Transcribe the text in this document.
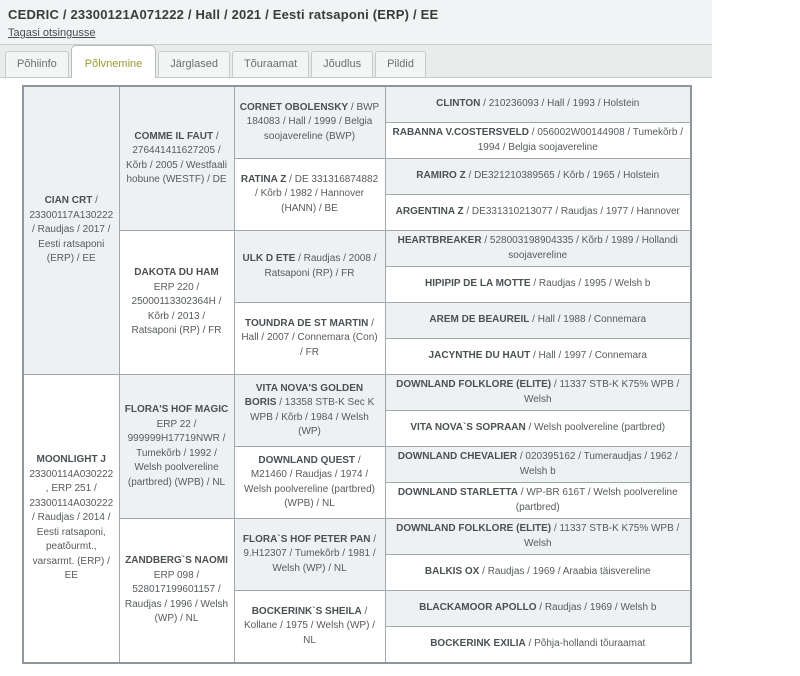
CEDRIC / 23300121A071222 / Hall / 2021 / Eesti ratsaponi (ERP) / EE
Tagasi otsingusse
Põhiinfo	Põlvnemine	Järglased	Tõuraamat	Jõudlus	Pildid
CIAN CRT / 23300117A130222 / Raudjas / 2017 / Eesti ratsaponi (ERP) / EE	COMME IL FAUT / 276441411627205 / Kõrb / 2005 / Westfaali hobune (WESTF) / DE	CORNET OBOLENSKY / BWP 184083 / Hall / 1999 / Belgia soojavereline (BWP)	CLINTON / 210236093 / Hall / 1993 / Holstein
			RABANNA V.COSTERSVELD / 056002W00144908 / Tumekõrb / 1994 / Belgia soojavereline
		RATINA Z / DE 331316874882 / Kõrb / 1982 / Hannover (HANN) / BE	RAMIRO Z / DE321210389565 / Kõrb / 1965 / Holstein
			ARGENTINA Z / DE331310213077 / Raudjas / 1977 / Hannover
	DAKOTA DU HAM ERP 220 / 25000113302364H / Kõrb / 2013 / Ratsaponi (RP) / FR	ULK D ETE / Raudjas / 2008 / Ratsaponi (RP) / FR	HEARTBREAKER / 528003198904335 / Kõrb / 1989 / Hollandi soojavereline
			HIPIPIP DE LA MOTTE / Raudjas / 1995 / Welsh b
		TOUNDRA DE ST MARTIN / Hall / 2007 / Connemara (Con) / FR	AREM DE BEAUREIL / Hall / 1988 / Connemara
			JACYNTHE DU HAUT / Hall / 1997 / Connemara
MOONLIGHT J 23300114A030222, ERP 251 / 23300114A030222 / Raudjas / 2014 / Eesti ratsaponi, peatõurmt., varsarmt. (ERP) / EE	FLORA'S HOF MAGIC ERP 22 / 999999H17719NWR / Tumekõrb / 1992 / Welsh poolvereline (partbred) (WPB) / NL	VITA NOVA'S GOLDEN BORIS / 13358 STB-K Sec K WPB / Kõrb / 1984 / Welsh (WP)	DOWNLAND FOLKLORE (ELITE) / 11337 STB-K K75% WPB / Welsh
			VITA NOVA`S SOPRAAN / Welsh poolvereline (partbred)
		DOWNLAND QUEST / M21460 / Raudjas / 1974 / Welsh poolvereline (partbred) (WPB) / NL	DOWNLAND CHEVALIER / 020395162 / Tumeraudjas / 1962 / Welsh b
			DOWNLAND STARLETTA / WP-BR 616T / Welsh poolvereline (partbred)
	ZANDBERG`S NAOMI ERP 098 / 528017199601157 / Raudjas / 1996 / Welsh (WP) / NL	FLORA`S HOF PETER PAN / 9.H12307 / Tumekõrb / 1981 / Welsh (WP) / NL	DOWNLAND FOLKLORE (ELITE) / 11337 STB-K K75% WPB / Welsh
			BALKIS OX / Raudjas / 1969 / Araabia täisvereline
		BOCKERINK`S SHEILA / Kollane / 1975 / Welsh (WP) / NL	BLACKAMOOR APOLLO / Raudjas / 1969 / Welsh b
			BOCKERINK EXILIA / Põhja-hollandi tõuraamat
